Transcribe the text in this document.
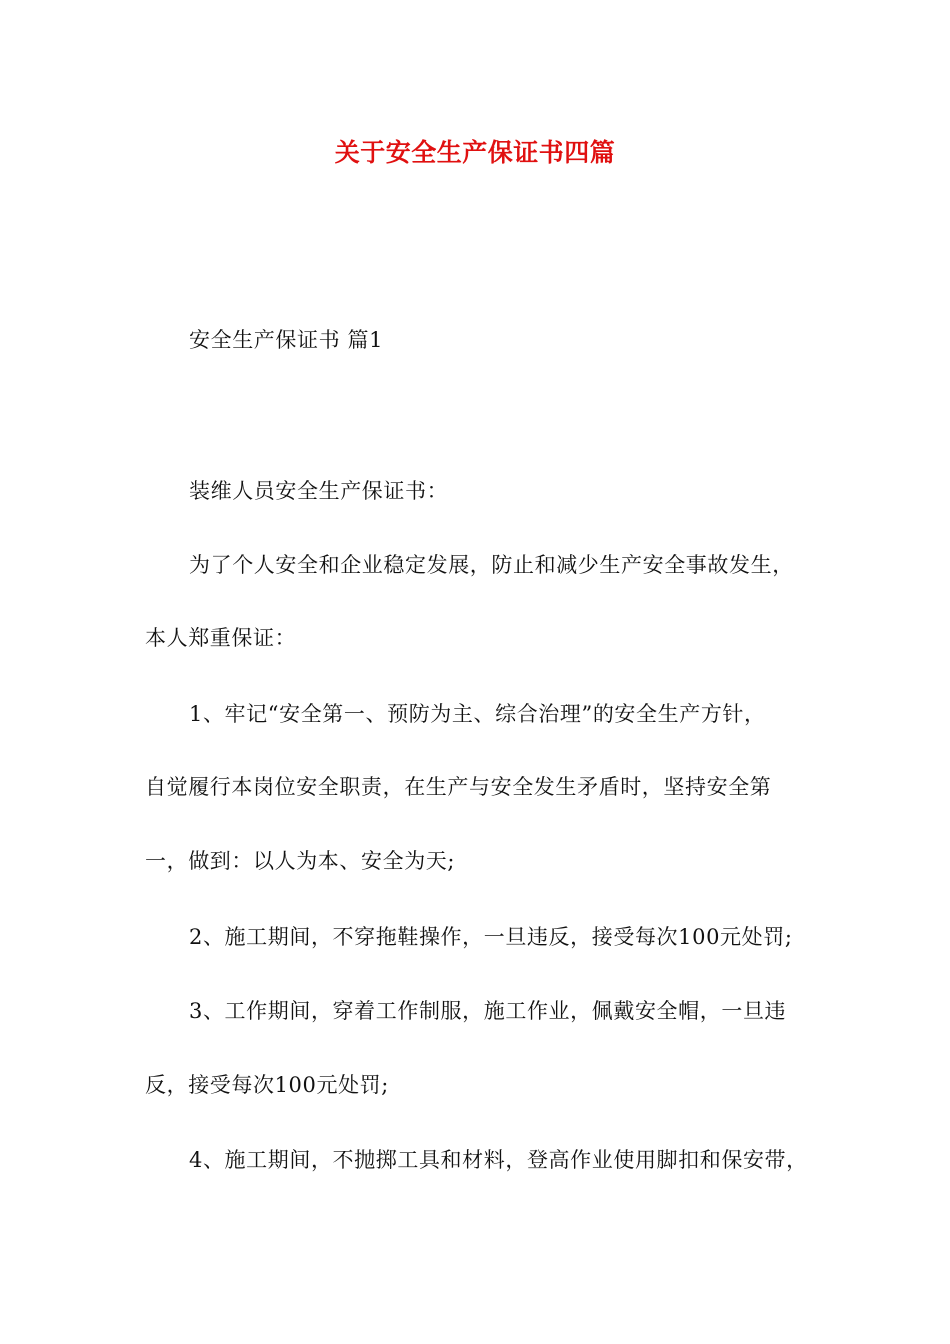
关于安全生产保证书四篇
安全生产保证书 篇1
装维人员安全生产保证书：
为了个人安全和企业稳定发展，防止和减少生产安全事故发生，
本人郑重保证：
1、牢记“安全第一、预防为主、综合治理”的安全生产方针，
自觉履行本岗位安全职责，在生产与安全发生矛盾时，坚持安全第
一，做到：以人为本、安全为天;
2、施工期间，不穿拖鞋操作，一旦违反，接受每次100元处罚;
3、工作期间，穿着工作制服，施工作业，佩戴安全帽，一旦违
反，接受每次100元处罚;
4、施工期间，不抛掷工具和材料，登高作业使用脚扣和保安带，
